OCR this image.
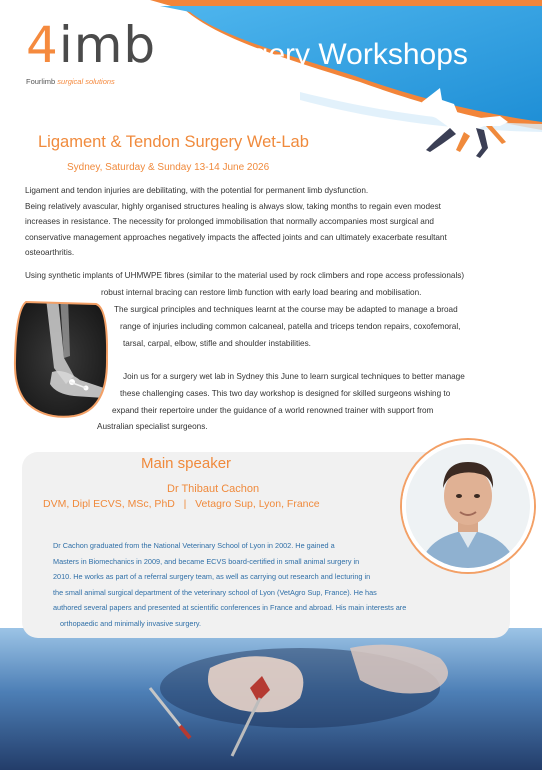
4imb
Fourlimb surgical solutions
Surgery Workshops
Ligament & Tendon Surgery Wet-Lab

Sydney, Saturday & Sunday 13-14 June 2026

Ligament and tendon injuries are debilitating, with the potential for permanent limb dysfunction.

Being relatively avascular, highly organised structures healing is always slow, taking months to regain even modest

increases in resistance. The necessity for prolonged immobilisation that normally accompanies most surgical and

conservative management approaches negatively impacts the affected joints and can ultimately exacerbate resultant

osteoarthritis.

Using synthetic implants of UHMWPE fibres (similar to the material used by rock climbers and rope access professionals)

robust internal bracing can restore limb function with early load bearing and mobilisation.

The surgical principles and techniques learnt at the course may be adapted to manage a broad

range of injuries including common calcaneal, patella and triceps tendon repairs, coxofemoral,

tarsal, carpal, elbow, stifle and shoulder instabilities.

Join us for a surgery wet lab in Sydney this June to learn surgical techniques to better manage

these challenging cases. This two day workshop is designed for skilled surgeons wishing to

expand their repertoire under the guidance of a world renowned trainer with support from

Australian specialist surgeons.

Main speaker

Dr Thibaut Cachon

DVM, Dipl ECVS, MSc, PhD   |   Vetagro Sup, Lyon, France

Dr Cachon graduated from the National Veterinary School of Lyon in 2002. He gained a

Masters in Biomechanics in 2009, and became ECVS board-certified in small animal surgery in

2010. He works as part of a referral surgery team, as well as carrying out research and lecturing in

the small animal surgical department of the veterinary school of Lyon (VetAgro Sup, France). He has

authored several papers and presented at scientific conferences in France and abroad. His main interests are

orthopaedic and minimally invasive surgery.
